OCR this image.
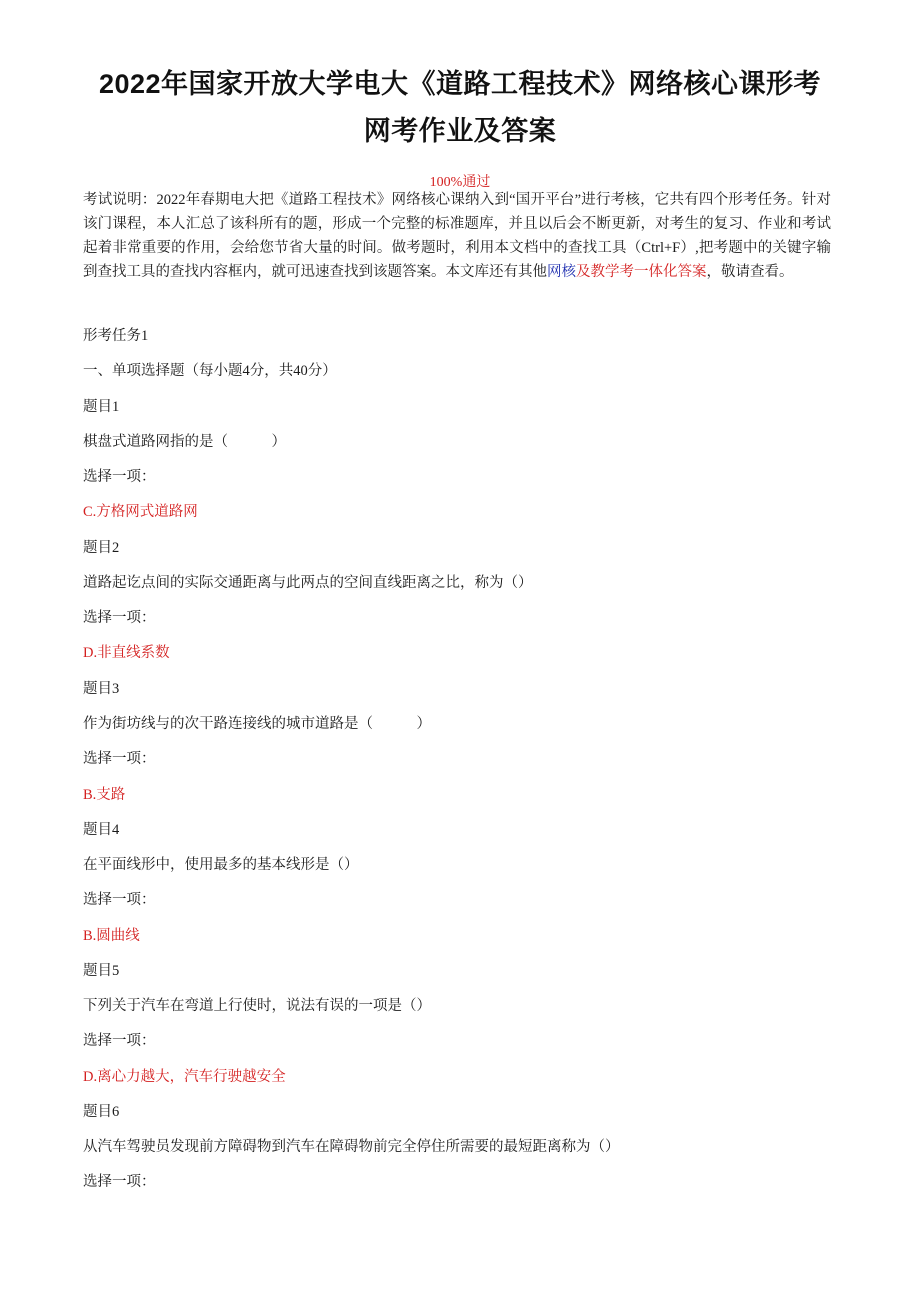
2022年国家开放大学电大《道路工程技术》网络核心课形考
网考作业及答案
100%通过
考试说明：2022年春期电大把《道路工程技术》网络核心课纳入到“国开平台”进行考核，它共有四个形考任务。针对该门课程，本人汇总了该科所有的题，形成一个完整的标准题库，并且以后会不断更新，对考生的复习、作业和考试起着非常重要的作用，会给您节省大量的时间。做考题时，利用本文档中的查找工具（Ctrl+F）,把考题中的关键字输到查找工具的查找内容框内，就可迅速查找到该题答案。本文库还有其他网核及教学考一体化答案，敬请查看。
形考任务1
一、单项选择题（每小题4分，共40分）
题目1
棋盘式道路网指的是（　　　）
选择一项：
C.方格网式道路网
题目2
道路起讫点间的实际交通距离与此两点的空间直线距离之比，称为（）
选择一项：
D.非直线系数
题目3
作为街坊线与的次干路连接线的城市道路是（　　　）
选择一项：
B.支路
题目4
在平面线形中，使用最多的基本线形是（）
选择一项：
B.圆曲线
题目5
下列关于汽车在弯道上行使时，说法有误的一项是（）
选择一项：
D.离心力越大，汽车行驶越安全
题目6
从汽车驾驶员发现前方障碍物到汽车在障碍物前完全停住所需要的最短距离称为（）
选择一项：
